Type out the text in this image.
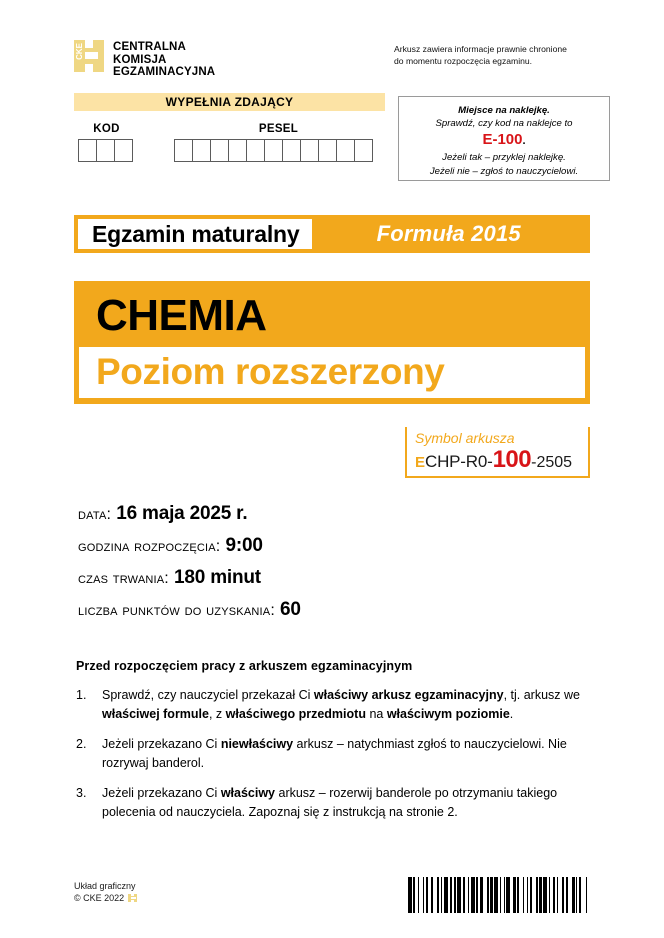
CKE	CENTRALNA
KOMISJA
EGZAMINACYJNA
Arkusz zawiera informacje prawnie chronione
do momentu rozpoczęcia egzaminu.
WYPEŁNIA ZDAJĄCY
KOD	PESEL
Miejsce na naklejkę.
Sprawdź, czy kod na naklejce to
E-100.
Jeżeli tak – przyklej naklejkę.
Jeżeli nie – zgłoś to nauczycielowi.
Egzamin maturalny	Formuła 2015
CHEMIA
Poziom rozszerzony
Symbol arkusza
ECHP-R0-100-2505
data: 16 maja 2025 r.
godzina rozpoczęcia: 9:00
czas trwania: 180 minut
liczba punktów do uzyskania: 60
Przed rozpoczęciem pracy z arkuszem egzaminacyjnym
1.	Sprawdź, czy nauczyciel przekazał Ci właściwy arkusz egzaminacyjny, tj. arkusz we właściwej formule, z właściwego przedmiotu na właściwym poziomie.
2.	Jeżeli przekazano Ci niewłaściwy arkusz – natychmiast zgłoś to nauczycielowi. Nie rozrywaj banderol.
3.	Jeżeli przekazano Ci właściwy arkusz – rozerwij banderole po otrzymaniu takiego polecenia od nauczyciela. Zapoznaj się z instrukcją na stronie 2.
Układ graficzny
© CKE 2022
